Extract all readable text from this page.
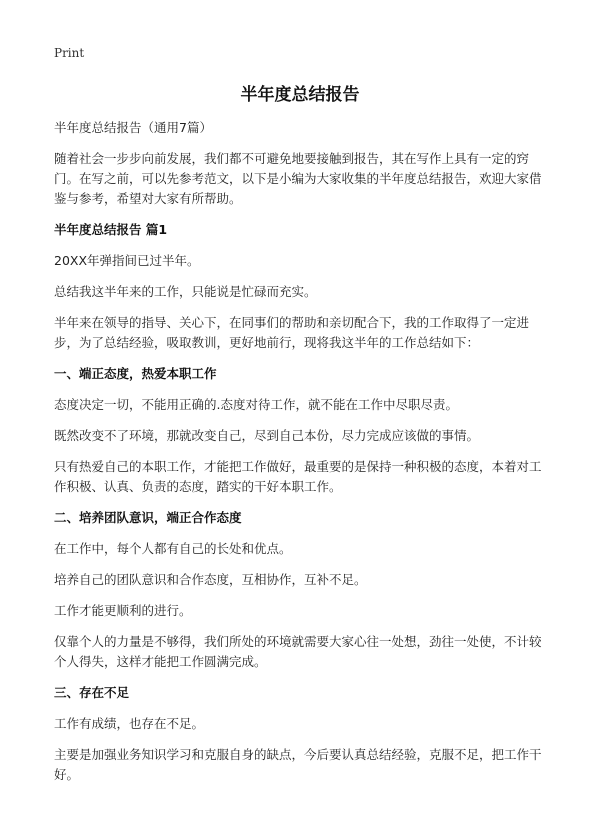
Print
半年度总结报告

半年度总结报告（通用7篇）

随着社会一步步向前发展，我们都不可避免地要接触到报告，其在写作上具有一定的窍门。在写之前，可以先参考范文，以下是小编为大家收集的半年度总结报告，欢迎大家借鉴与参考，希望对大家有所帮助。

半年度总结报告 篇1

20XX年弹指间已过半年。

总结我这半年来的工作，只能说是忙碌而充实。

半年来在领导的指导、关心下，在同事们的帮助和亲切配合下，我的工作取得了一定进步，为了总结经验，吸取教训，更好地前行，现将我这半年的工作总结如下：

一、端正态度，热爱本职工作

态度决定一切，不能用正确的.态度对待工作，就不能在工作中尽职尽责。

既然改变不了环境，那就改变自己，尽到自己本份，尽力完成应该做的事情。

只有热爱自己的本职工作，才能把工作做好，最重要的是保持一种积极的态度，本着对工作积极、认真、负责的态度，踏实的干好本职工作。

二、培养团队意识，端正合作态度

在工作中，每个人都有自己的长处和优点。

培养自己的团队意识和合作态度，互相协作，互补不足。

工作才能更顺利的进行。

仅靠个人的力量是不够得，我们所处的环境就需要大家心往一处想，劲往一处使，不计较个人得失，这样才能把工作圆满完成。

三、存在不足

工作有成绩，也存在不足。

主要是加强业务知识学习和克服自身的缺点，今后要认真总结经验，克服不足，把工作干好。
